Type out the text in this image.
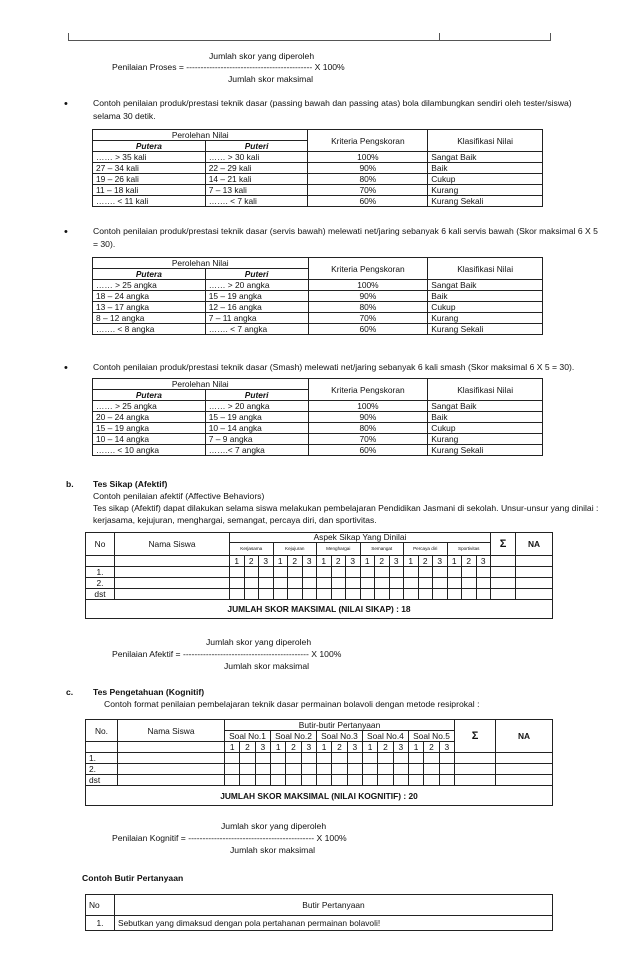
Jumlah skor yang diperoleh
Penilaian Proses = -------------------------------------------- X 100%
Jumlah skor maksimal
•	Contoh penilaian produk/prestasi teknik dasar (passing bawah dan passing atas) bola dilambungkan sendiri oleh tester/siswa)
selama 30 detik.
Perolehan Nilai		Kriteria Pengskoran	Klasifikasi Nilai
Putera	Puteri		
…… > 35 kali	…… > 30 kali	100%	Sangat Baik
27 – 34 kali	22 – 29 kali	90%	Baik
19 – 26 kali	14 – 21 kali	80%	Cukup
11 – 18 kali	7 – 13 kali	70%	Kurang
……. < 11 kali	……. < 7 kali	60%	Kurang Sekali
•	Contoh penilaian produk/prestasi teknik dasar (servis bawah) melewati net/jaring sebanyak 6 kali servis bawah (Skor maksimal 6 X 5
= 30).
Perolehan Nilai		Kriteria Pengskoran	Klasifikasi Nilai
Putera	Puteri		
…… > 25 angka	…… > 20 angka	100%	Sangat Baik
18 – 24 angka	15 – 19 angka	90%	Baik
13 – 17 angka	12 – 16 angka	80%	Cukup
8 – 12 angka	7 – 11 angka	70%	Kurang
……. < 8 angka	……. < 7 angka	60%	Kurang Sekali
•	Contoh penilaian produk/prestasi teknik dasar (Smash) melewati net/jaring sebanyak 6 kali smash (Skor maksimal 6 X 5 = 30).
Perolehan Nilai		Kriteria Pengskoran	Klasifikasi Nilai
Putera	Puteri		
…… > 25 angka	…… > 20 angka	100%	Sangat Baik
20 – 24 angka	15 – 19 angka	90%	Baik
15 – 19 angka	10 – 14 angka	80%	Cukup
10 – 14 angka	7 – 9 angka	70%	Kurang
……. < 10 angka	…….< 7 angka	60%	Kurang Sekali
b. Tes Sikap (Afektif)
Contoh penilaian afektif (Affective Behaviors)
Tes sikap (Afektif) dapat dilakukan selama siswa melakukan pembelajaran Pendidikan Jasmani di sekolah. Unsur-unsur yang dinilai :
kerjasama, kejujuran, menghargai, semangat, percaya diri, dan sportivitas.
No	Nama Siswa	Aspek Sikap Yang Dinilai																		Σ	NA
		Kerjasama			Kejujuran			Menghargai			Semangat			Percaya diri			Sportivitas				

		1	2	3	1	2	3	1	2	3	1	2	3	1	2	3	1	2	3		
1.																					
2.																					
dst																					
JUMLAH SKOR MAKSIMAL (NILAI SIKAP) : 18																					
Jumlah skor yang diperoleh
Penilaian Afektif = -------------------------------------------- X 100%
Jumlah skor maksimal
c. Tes Pengetahuan (Kognitif)
Contoh format penilaian pembelajaran teknik dasar permainan bolavoli dengan metode resiprokal :
No.	Nama Siswa	Butir-butir Pertanyaan															Σ	NA
		Soal No.1			Soal No.2			Soal No.3			Soal No.4			Soal No.5				
		1	2	3	1	2	3	1	2	3	1	2	3	1	2	3		
1.																		
2.																		
dst																		
JUMLAH SKOR MAKSIMAL (NILAI KOGNITIF) : 20																		
Jumlah skor yang diperoleh
Penilaian Kognitif = -------------------------------------------- X 100%
Jumlah skor maksimal
Contoh Butir Pertanyaan
No	Butir Pertanyaan
1.	Sebutkan yang dimaksud dengan pola pertahanan permainan bolavoli!
